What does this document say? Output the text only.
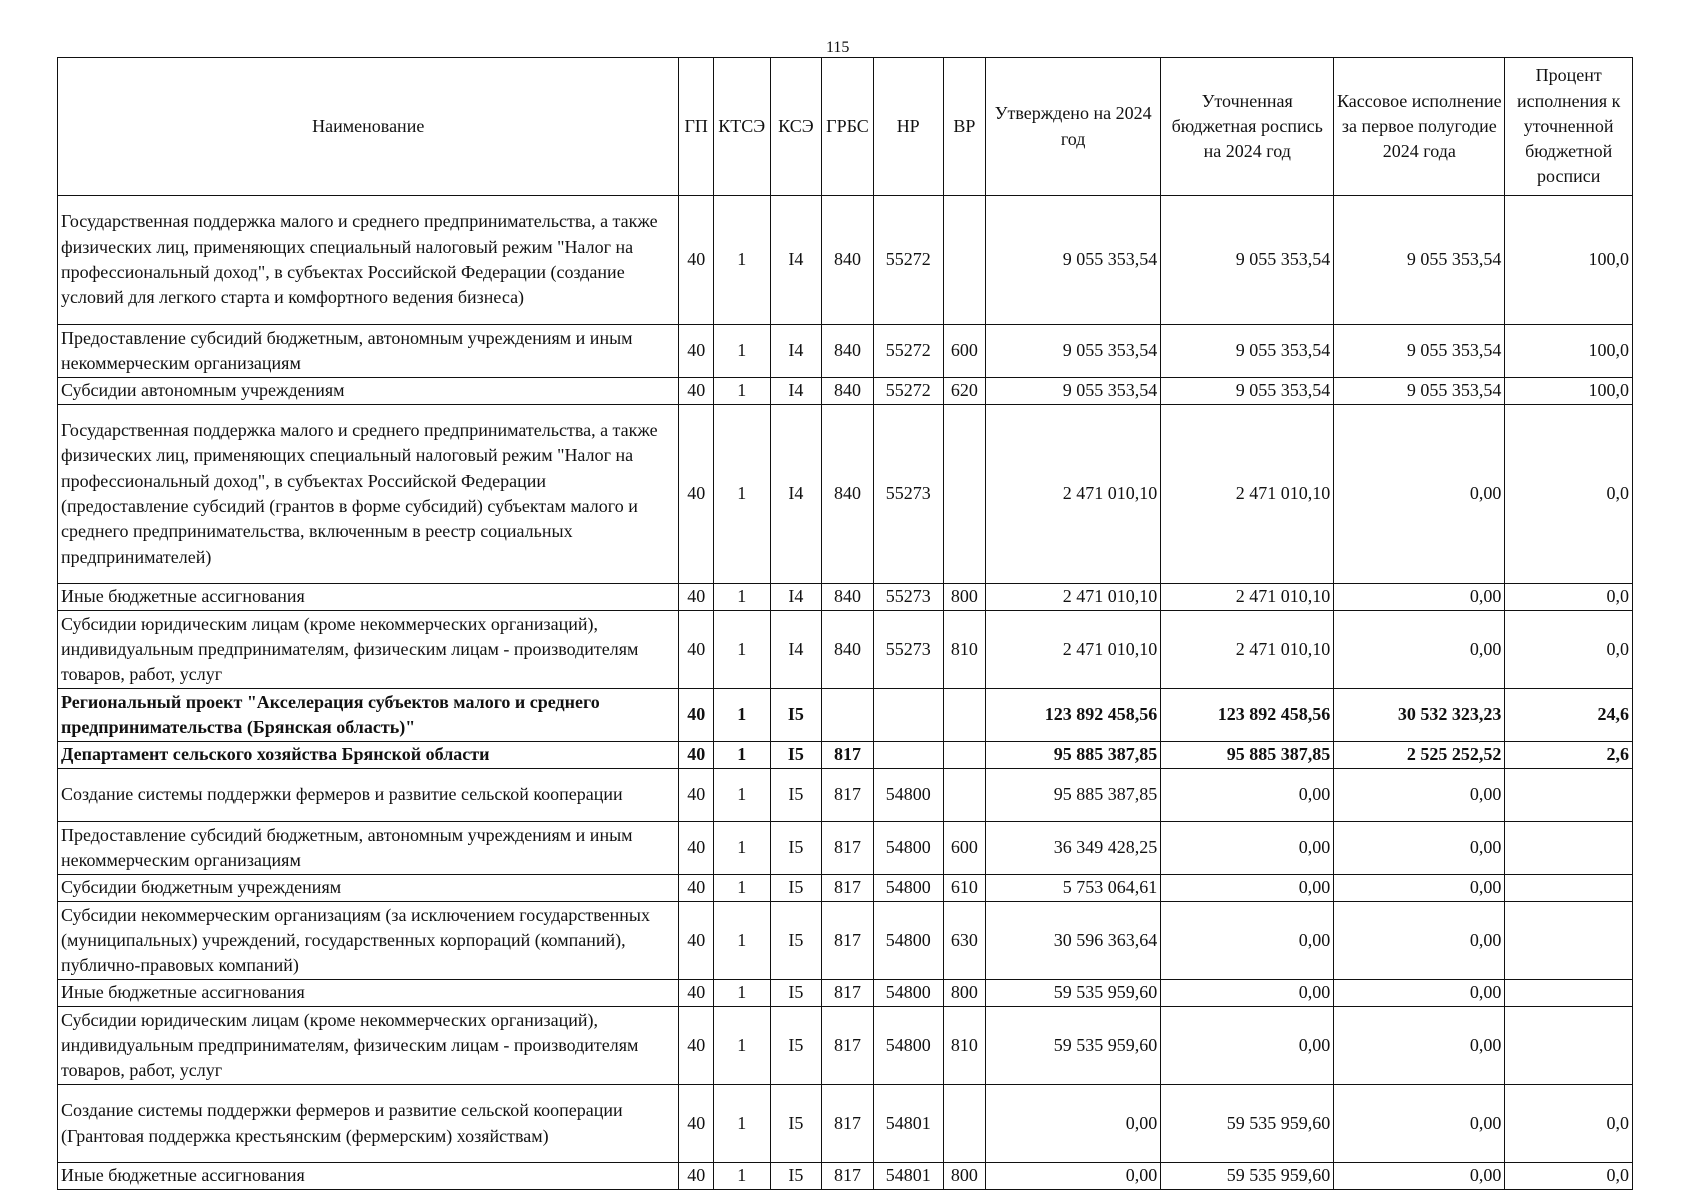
115
Наименование	ГП	КТСЭ	КСЭ	ГРБС	НР	ВР	Утверждено на 2024 год	Уточненная бюджетная роспись на 2024 год	Кассовое исполнение за первое полугодие 2024 года	Процент исполнения к уточненной бюджетной росписи
Государственная поддержка малого и среднего предпринимательства, а также физических лиц, применяющих специальный налоговый режим "Налог на профессиональный доход", в субъектах Российской Федерации (создание условий для легкого старта и комфортного ведения бизнеса)	40	1	I4	840	55272		9 055 353,54	9 055 353,54	9 055 353,54	100,0
Предоставление субсидий бюджетным, автономным учреждениям и иным некоммерческим организациям	40	1	I4	840	55272	600	9 055 353,54	9 055 353,54	9 055 353,54	100,0
Субсидии автономным учреждениям	40	1	I4	840	55272	620	9 055 353,54	9 055 353,54	9 055 353,54	100,0
Государственная поддержка малого и среднего предпринимательства, а также физических лиц, применяющих специальный налоговый режим "Налог на профессиональный доход", в субъектах Российской Федерации (предоставление субсидий (грантов в форме субсидий) субъектам малого и среднего предпринимательства, включенным в реестр социальных предпринимателей)	40	1	I4	840	55273		2 471 010,10	2 471 010,10	0,00	0,0
Иные бюджетные ассигнования	40	1	I4	840	55273	800	2 471 010,10	2 471 010,10	0,00	0,0
Субсидии юридическим лицам (кроме некоммерческих организаций), индивидуальным предпринимателям, физическим лицам - производителям товаров, работ, услуг	40	1	I4	840	55273	810	2 471 010,10	2 471 010,10	0,00	0,0
Региональный проект "Акселерация субъектов малого и среднего предпринимательства (Брянская область)"	40	1	I5				123 892 458,56	123 892 458,56	30 532 323,23	24,6
Департамент сельского хозяйства Брянской области	40	1	I5	817			95 885 387,85	95 885 387,85	2 525 252,52	2,6
Создание системы поддержки фермеров и развитие сельской кооперации	40	1	I5	817	54800		95 885 387,85	0,00	0,00	
Предоставление субсидий бюджетным, автономным учреждениям и иным некоммерческим организациям	40	1	I5	817	54800	600	36 349 428,25	0,00	0,00	
Субсидии бюджетным учреждениям	40	1	I5	817	54800	610	5 753 064,61	0,00	0,00	
Субсидии некоммерческим организациям (за исключением государственных (муниципальных) учреждений, государственных корпораций (компаний), публично-правовых компаний)	40	1	I5	817	54800	630	30 596 363,64	0,00	0,00	
Иные бюджетные ассигнования	40	1	I5	817	54800	800	59 535 959,60	0,00	0,00	
Субсидии юридическим лицам (кроме некоммерческих организаций), индивидуальным предпринимателям, физическим лицам - производителям товаров, работ, услуг	40	1	I5	817	54800	810	59 535 959,60	0,00	0,00	
Создание системы поддержки фермеров и развитие сельской кооперации (Грантовая поддержка крестьянским (фермерским) хозяйствам)	40	1	I5	817	54801		0,00	59 535 959,60	0,00	0,0
Иные бюджетные ассигнования	40	1	I5	817	54801	800	0,00	59 535 959,60	0,00	0,0
